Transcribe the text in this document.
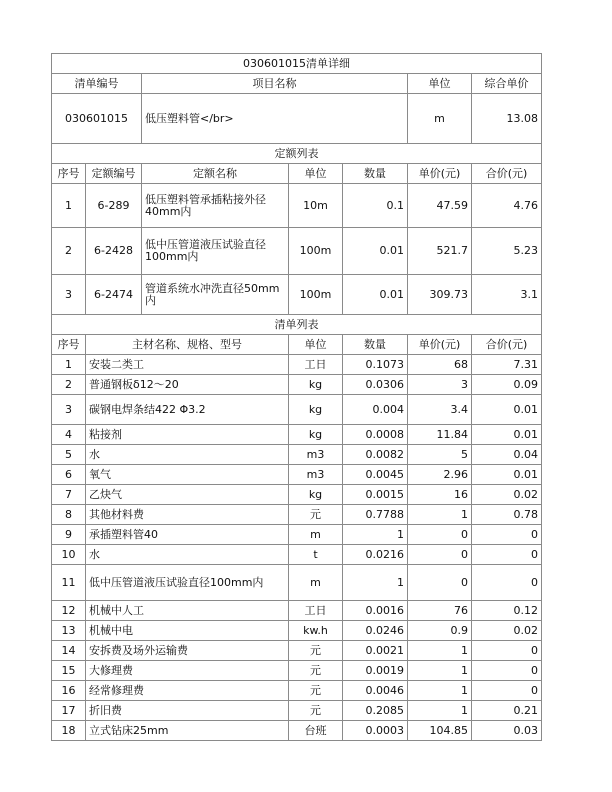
030601015清单详细						
清单编号		项目名称			单位	综合单价
030601015		低压塑料管</br>			m	13.08
定额列表						
序号	定额编号	定额名称	单位	数量	单价(元)	合价(元)
1	6-289	低压塑料管承插粘接外径40mm内	10m	0.1	47.59	4.76
2	6-2428	低中压管道液压试验直径100mm内	100m	0.01	521.7	5.23
3	6-2474	管道系统水冲洗直径50mm内	100m	0.01	309.73	3.1
清单列表						
序号	主材名称、规格、型号		单位	数量	单价(元)	合价(元)
1	安装二类工		工日	0.1073	68	7.31
2	普通钢板δ12～20		kg	0.0306	3	0.09
3	碳钢电焊条结422 Φ3.2		kg	0.004	3.4	0.01
4	粘接剂		kg	0.0008	11.84	0.01
5	水		m3	0.0082	5	0.04
6	氧气		m3	0.0045	2.96	0.01
7	乙炔气		kg	0.0015	16	0.02
8	其他材料费		元	0.7788	1	0.78
9	承插塑料管40		m	1	0	0
10	水		t	0.0216	0	0
11	低中压管道液压试验直径100mm内		m	1	0	0
12	机械中人工		工日	0.0016	76	0.12
13	机械中电		kw.h	0.0246	0.9	0.02
14	安拆费及场外运输费		元	0.0021	1	0
15	大修理费		元	0.0019	1	0
16	经常修理费		元	0.0046	1	0
17	折旧费		元	0.2085	1	0.21
18	立式钻床25mm		台班	0.0003	104.85	0.03
